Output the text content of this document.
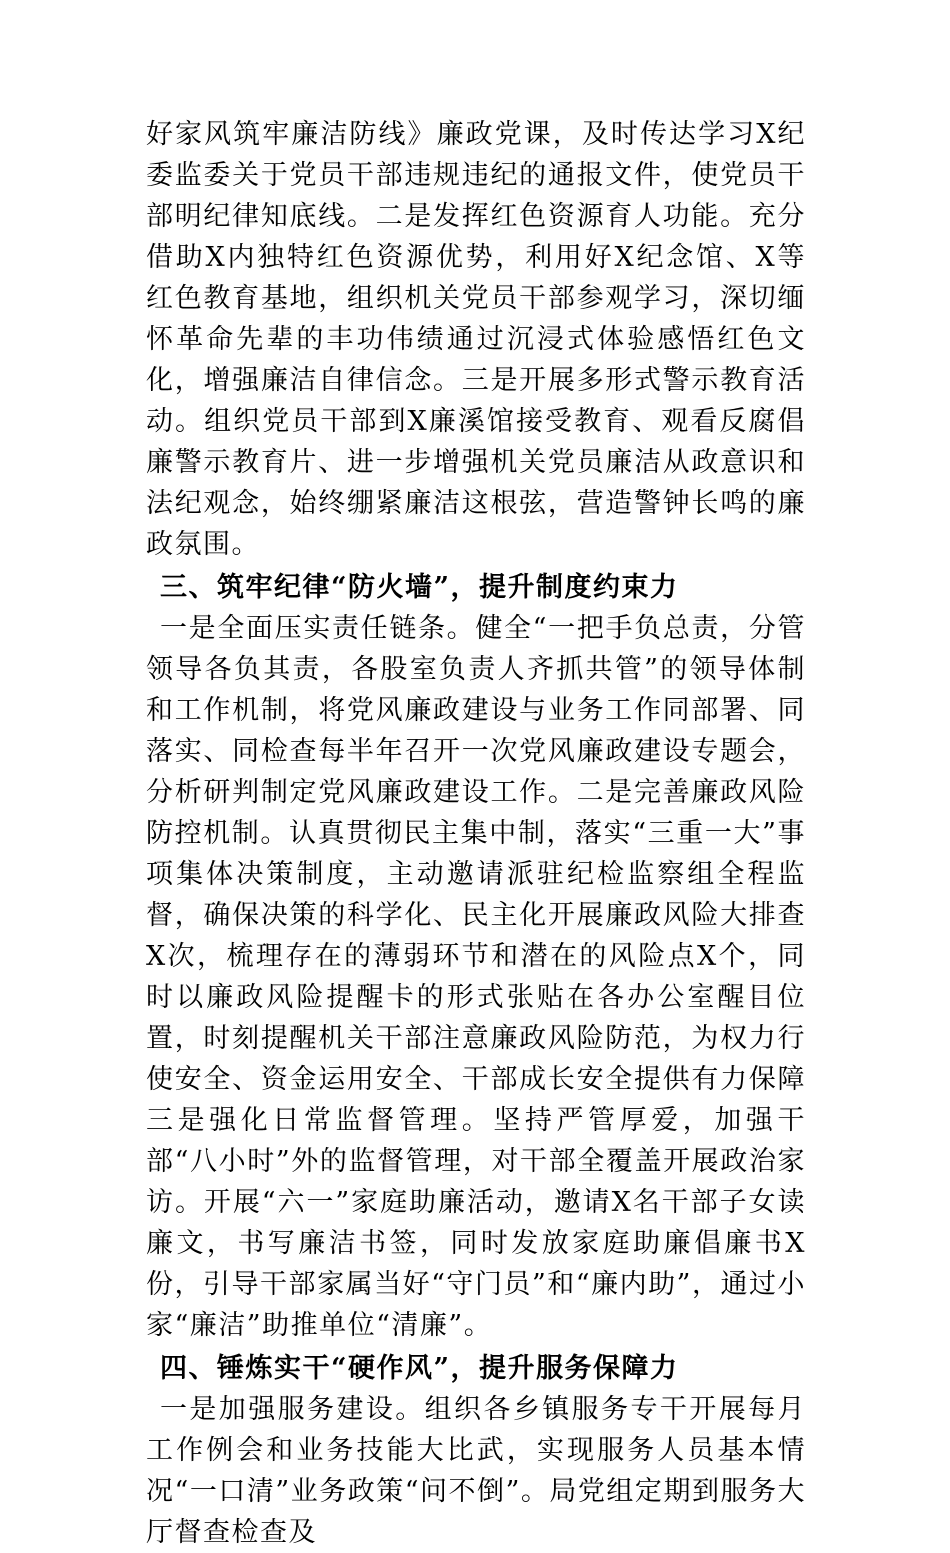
好家风筑牢廉洁防线》廉政党课，及时传达学习X纪委监委关于党员干部违规违纪的通报文件，使党员干部明纪律知底线。二是发挥红色资源育人功能。充分借助X内独特红色资源优势，利用好X纪念馆、X等红色教育基地，组织机关党员干部参观学习，深切缅怀革命先辈的丰功伟绩通过沉浸式体验感悟红色文化，增强廉洁自律信念。三是开展多形式警示教育活动。组织党员干部到X廉溪馆接受教育、观看反腐倡廉警示教育片、进一步增强机关党员廉洁从政意识和法纪观念，始终绷紧廉洁这根弦，营造警钟长鸣的廉政氛围。

三、筑牢纪律“防火墙”，提升制度约束力

一是全面压实责任链条。健全“一把手负总责，分管领导各负其责，各股室负责人齐抓共管”的领导体制和工作机制，将党风廉政建设与业务工作同部署、同落实、同检查每半年召开一次党风廉政建设专题会，分析研判制定党风廉政建设工作。二是完善廉政风险防控机制。认真贯彻民主集中制，落实“三重一大”事项集体决策制度，主动邀请派驻纪检监察组全程监督，确保决策的科学化、民主化开展廉政风险大排查X次，梳理存在的薄弱环节和潜在的风险点X个，同时以廉政风险提醒卡的形式张贴在各办公室醒目位置，时刻提醒机关干部注意廉政风险防范，为权力行使安全、资金运用安全、干部成长安全提供有力保障三是强化日常监督管理。坚持严管厚爱，加强干部“八小时”外的监督管理，对干部全覆盖开展政治家访。开展“六一”家庭助廉活动，邀请X名干部子女读廉文，书写廉洁书签，同时发放家庭助廉倡廉书X份，引导干部家属当好“守门员”和“廉内助”，通过小家“廉洁”助推单位“清廉”。

四、锤炼实干“硬作风”，提升服务保障力

一是加强服务建设。组织各乡镇服务专干开展每月工作例会和业务技能大比武，实现服务人员基本情况“一口清”业务政策“问不倒”。局党组定期到服务大厅督查检查及
